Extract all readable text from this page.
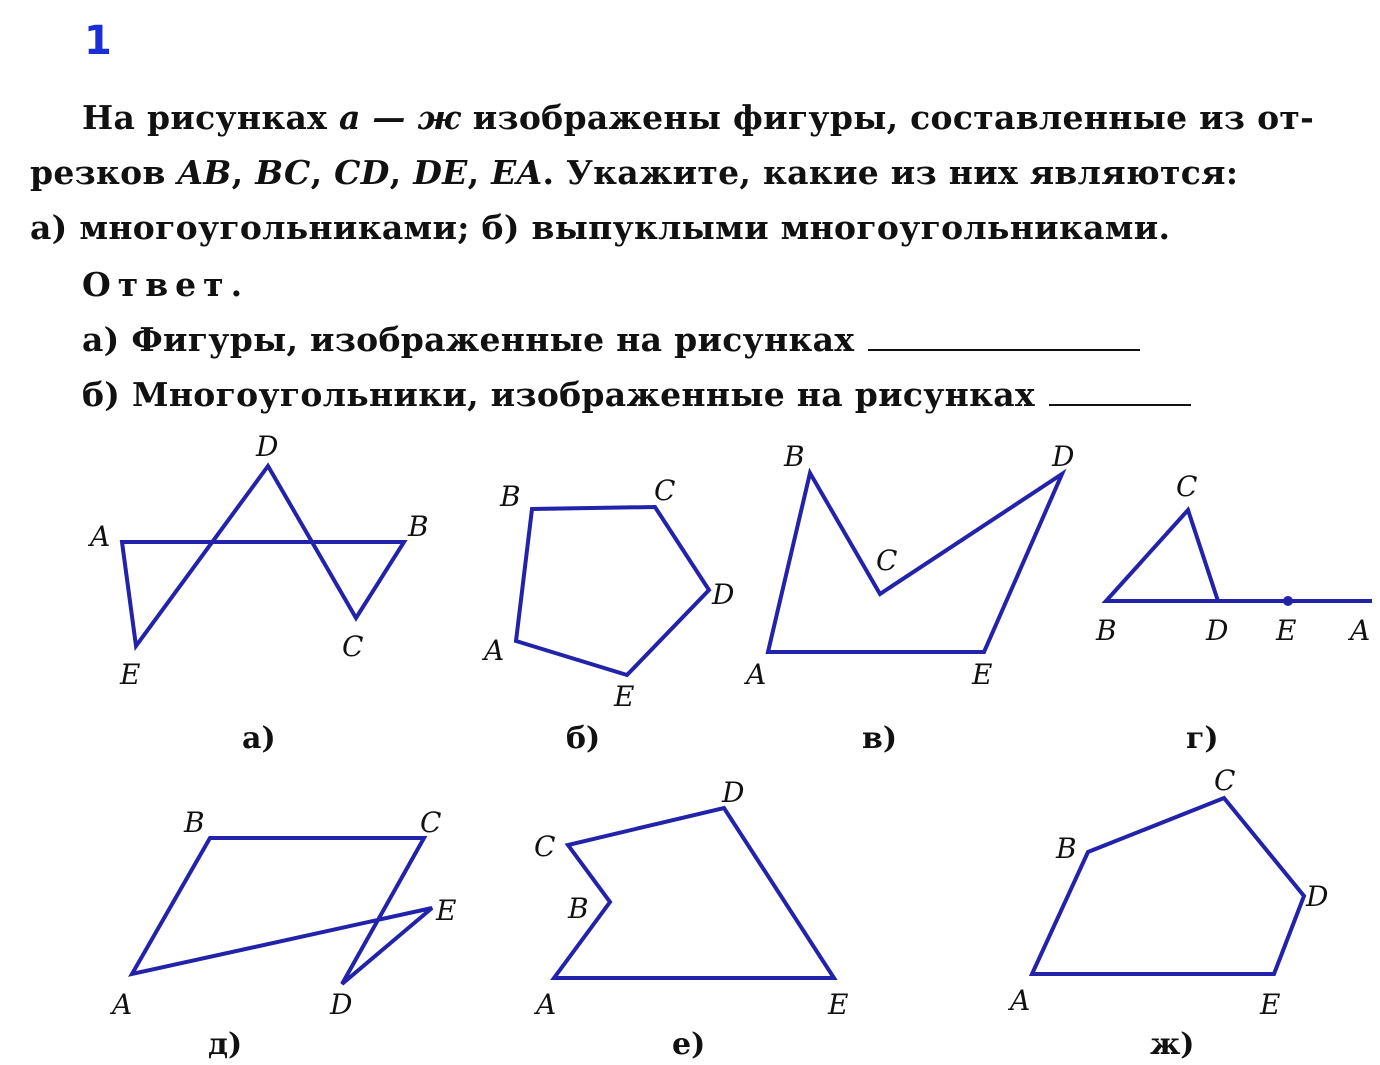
1
На рисунках а — ж изображены фигуры, составленные из от-
резков AB, BC, CD, DE, EA. Укажите, какие из них являются:
а) многоугольниками; б) выпуклыми многоугольниками.
Ответ.
а) Фигуры, изображенные на рисунках
б) Многоугольники, изображенные на рисунках
D
A	B
E
C
а)
B	C
D
A
E
б)
B	D
C
A	E
в)
C
B	D E A
г)
B	C
E
A	D
д)
D
C
B
A	E
е)
C
B
D
A	E
ж)
